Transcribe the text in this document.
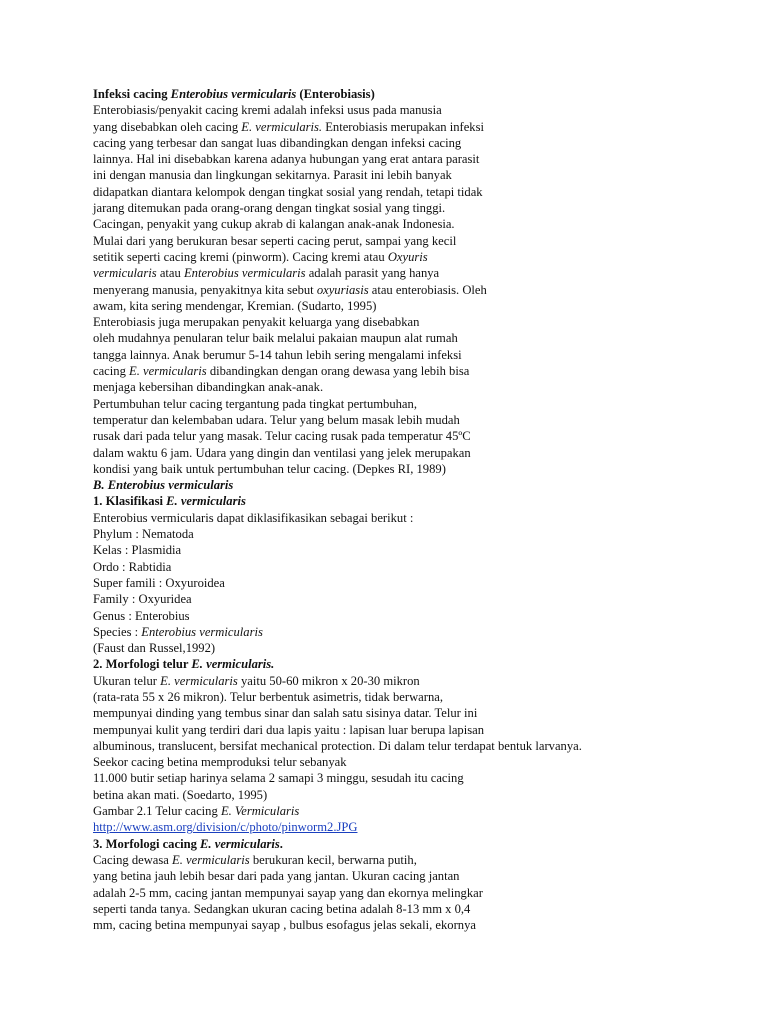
Infeksi cacing Enterobius vermicularis (Enterobiasis)
Enterobiasis/penyakit cacing kremi adalah infeksi usus pada manusia
yang disebabkan oleh cacing E. vermicularis. Enterobiasis merupakan infeksi
cacing yang terbesar dan sangat luas dibandingkan dengan infeksi cacing
lainnya. Hal ini disebabkan karena adanya hubungan yang erat antara parasit
ini dengan manusia dan lingkungan sekitarnya. Parasit ini lebih banyak
didapatkan diantara kelompok dengan tingkat sosial yang rendah, tetapi tidak
jarang ditemukan pada orang-orang dengan tingkat sosial yang tinggi.
Cacingan, penyakit yang cukup akrab di kalangan anak-anak Indonesia.
Mulai dari yang berukuran besar seperti cacing perut, sampai yang kecil
setitik seperti cacing kremi (pinworm). Cacing kremi atau Oxyuris
vermicularis atau Enterobius vermicularis adalah parasit yang hanya
menyerang manusia, penyakitnya kita sebut oxyuriasis atau enterobiasis. Oleh
awam, kita sering mendengar, Kremian. (Sudarto, 1995)
Enterobiasis juga merupakan penyakit keluarga yang disebabkan
oleh mudahnya penularan telur baik melalui pakaian maupun alat rumah
tangga lainnya. Anak berumur 5-14 tahun lebih sering mengalami infeksi
cacing E. vermicularis dibandingkan dengan orang dewasa yang lebih bisa
menjaga kebersihan dibandingkan anak-anak.
Pertumbuhan telur cacing tergantung pada tingkat pertumbuhan,
temperatur dan kelembaban udara. Telur yang belum masak lebih mudah
rusak dari pada telur yang masak. Telur cacing rusak pada temperatur 45ºC
dalam waktu 6 jam. Udara yang dingin dan ventilasi yang jelek merupakan
kondisi yang baik untuk pertumbuhan telur cacing. (Depkes RI, 1989)
B. Enterobius vermicularis
1. Klasifikasi E. vermicularis
Enterobius vermicularis dapat diklasifikasikan sebagai berikut :
Phylum : Nematoda
Kelas : Plasmidia
Ordo : Rabtidia
Super famili : Oxyuroidea
Family : Oxyuridea
Genus : Enterobius
Species : Enterobius vermicularis
(Faust dan Russel,1992)
2. Morfologi telur E. vermicularis.
Ukuran telur E. vermicularis yaitu 50-60 mikron x 20-30 mikron
(rata-rata 55 x 26 mikron). Telur berbentuk asimetris, tidak berwarna,
mempunyai dinding yang tembus sinar dan salah satu sisinya datar. Telur ini
mempunyai kulit yang terdiri dari dua lapis yaitu : lapisan luar berupa lapisan
albuminous, translucent, bersifat mechanical protection. Di dalam telur terdapat bentuk larvanya.
Seekor cacing betina memproduksi telur sebanyak
11.000 butir setiap harinya selama 2 samapi 3 minggu, sesudah itu cacing
betina akan mati. (Soedarto, 1995)
Gambar 2.1 Telur cacing E. Vermicularis
http://www.asm.org/division/c/photo/pinworm2.JPG
3. Morfologi cacing E. vermicularis.
Cacing dewasa E. vermicularis berukuran kecil, berwarna putih,
yang betina jauh lebih besar dari pada yang jantan. Ukuran cacing jantan
adalah 2-5 mm, cacing jantan mempunyai sayap yang dan ekornya melingkar
seperti tanda tanya. Sedangkan ukuran cacing betina adalah 8-13 mm x 0,4
mm, cacing betina mempunyai sayap , bulbus esofagus jelas sekali, ekornya
